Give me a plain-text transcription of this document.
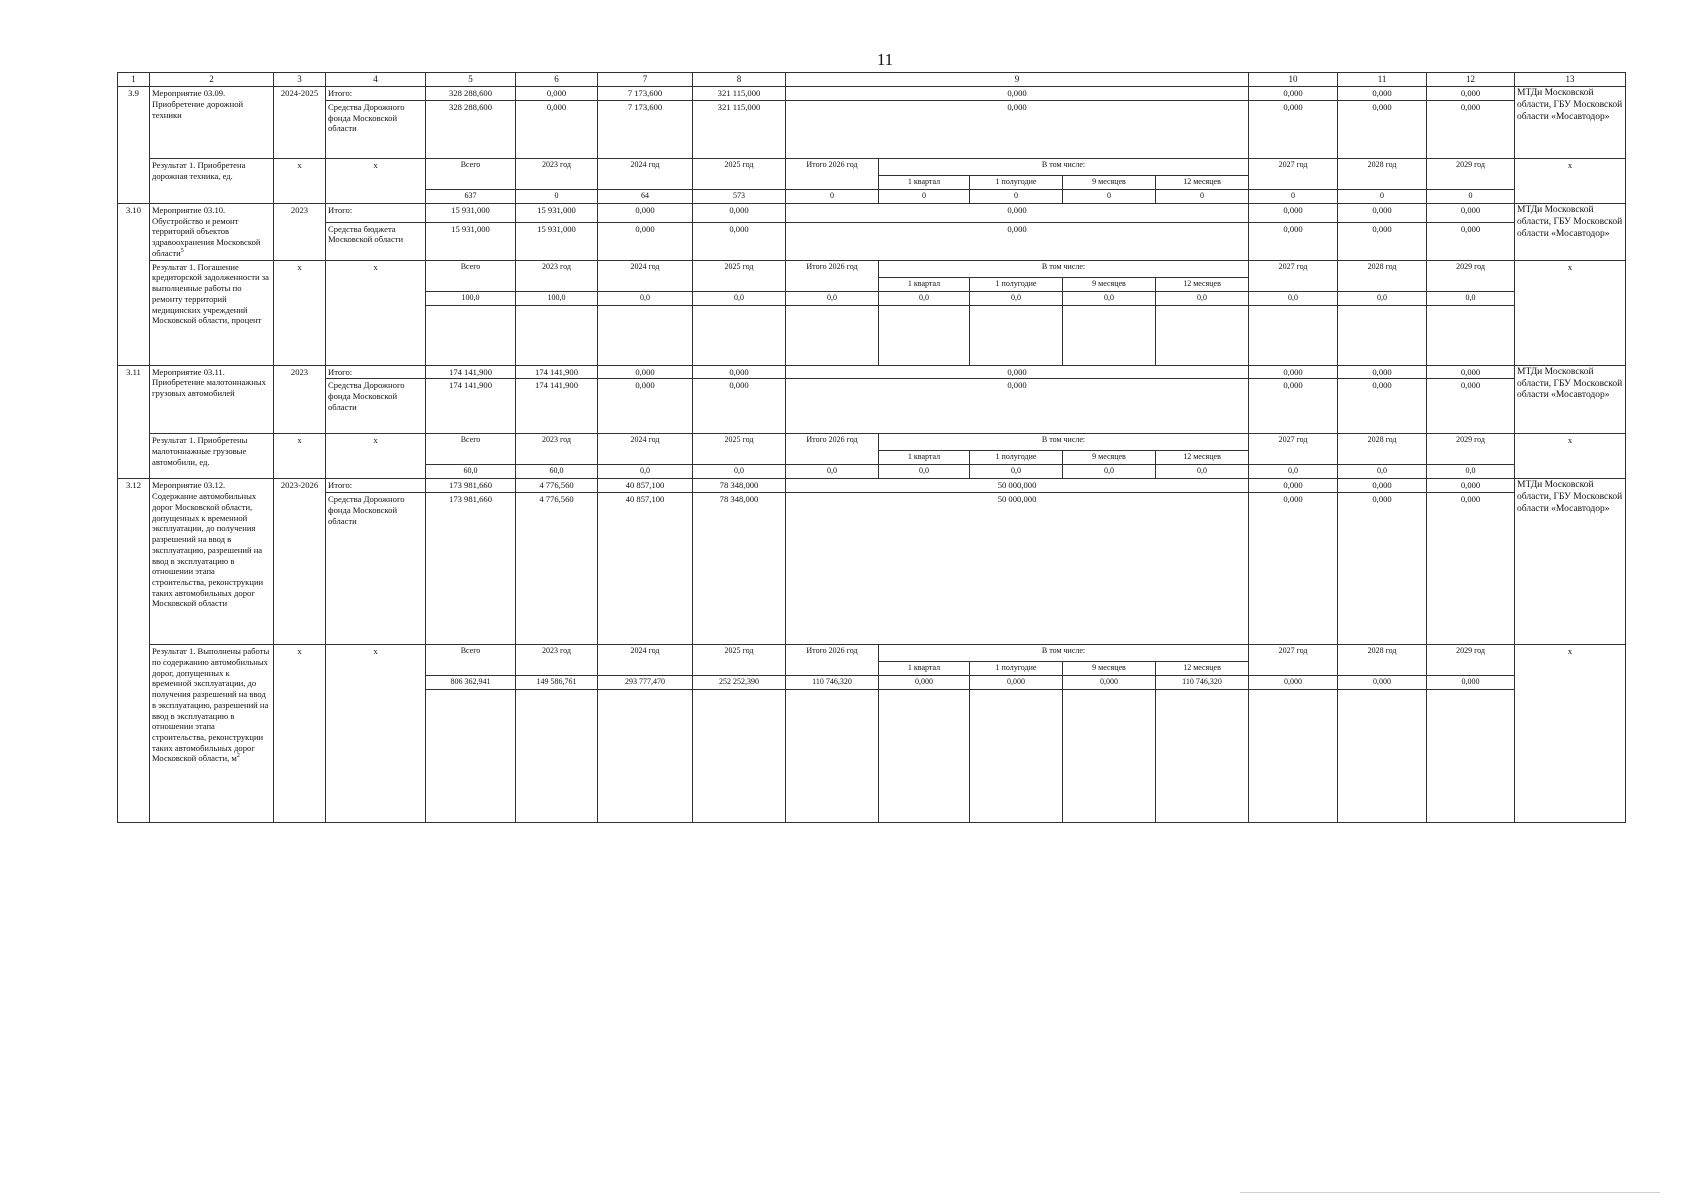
11
1	2	3	4	5	6	7	8	9					10	11	12	13
3.9	Мероприятие 03.09. Приобретение дорожной техники	2024-2025	Итого:	328 288,600	0,000	7 173,600	321 115,000	0,000					0,000	0,000	0,000	МТДи Московской области, ГБУ Московской области «Мосавтодор»
			Средства Дорожного фонда Московской области	328 288,600	0,000	7 173,600	321 115,000	0,000					0,000	0,000	0,000	
	Результат 1. Приобретена дорожная техника, ед.	х	х	Всего	2023 год	2024 год	2025 год	Итого 2026 год	В том числе:				2027 год	2028 год	2029 год	х
									1 квартал	1 полугодие	9 месяцев	12 месяцев				
				637	0	64	573	0	0	0	0	0	0	0	0	
3.10	Мероприятие 03.10. Обустройство и ремонт территорий объектов здравоохранения Московской области$^5$	2023	Итого:	15 931,000	15 931,000	0,000	0,000	0,000					0,000	0,000	0,000	МТДи Московской области, ГБУ Московской области «Мосавтодор»
			Средства бюджета Московской области	15 931,000	15 931,000	0,000	0,000	0,000					0,000	0,000	0,000	
	Результат 1. Погашение кредиторской задолженности за выполненные работы по ремонту территорий медицинских учреждений Московской области, процент	х	х	Всего	2023 год	2024 год	2025 год	Итого 2026 год	В том числе:				2027 год	2028 год	2029 год	х
									1 квартал	1 полугодие	9 месяцев	12 месяцев				
				100,0	100,0	0,0	0,0	0,0	0,0	0,0	0,0	0,0	0,0	0,0	0,0	

3.11	Мероприятие 03.11. Приобретение малотоннажных грузовых автомобилей	2023	Итого:	174 141,900	174 141,900	0,000	0,000	0,000					0,000	0,000	0,000	МТДи Московской области, ГБУ Московской области «Мосавтодор»
			Средства Дорожного фонда Московской области	174 141,900	174 141,900	0,000	0,000	0,000					0,000	0,000	0,000	
	Результат 1. Приобретены малотоннажные грузовые автомобили, ед.	х	х	Всего	2023 год	2024 год	2025 год	Итого 2026 год	В том числе:				2027 год	2028 год	2029 год	х
									1 квартал	1 полугодие	9 месяцев	12 месяцев				
				60,0	60,0	0,0	0,0	0,0	0,0	0,0	0,0	0,0	0,0	0,0	0,0	
3.12	Мероприятие 03.12. Содержание автомобильных дорог Московской области, допущенных к временной эксплуатации, до получения разрешений на ввод в эксплуатацию, разрешений на ввод в эксплуатацию в отношении этапа строительства, реконструкции таких автомобильных дорог Московской области	2023-2026	Итого:	173 981,660	4 776,560	40 857,100	78 348,000	50 000,000					0,000	0,000	0,000	МТДи Московской области, ГБУ Московской области «Мосавтодор»
			Средства Дорожного фонда Московской области	173 981,660	4 776,560	40 857,100	78 348,000	50 000,000					0,000	0,000	0,000	
	Результат 1. Выполнены работы по содержанию автомобильных дорог, допущенных к временной эксплуатации, до получения разрешений на ввод в эксплуатацию, разрешений на ввод в эксплуатацию в отношении этапа строительства, реконструкции таких автомобильных дорог Московской области, $м^2$	х	х	Всего	2023 год	2024 год	2025 год	Итого 2026 год	В том числе:				2027 год	2028 год	2029 год	х
									1 квартал	1 полугодие	9 месяцев	12 месяцев				
				806 362,941	149 586,761	293 777,470	252 252,390	110 746,320	0,000	0,000	0,000	110 746,320	0,000	0,000	0,000	
